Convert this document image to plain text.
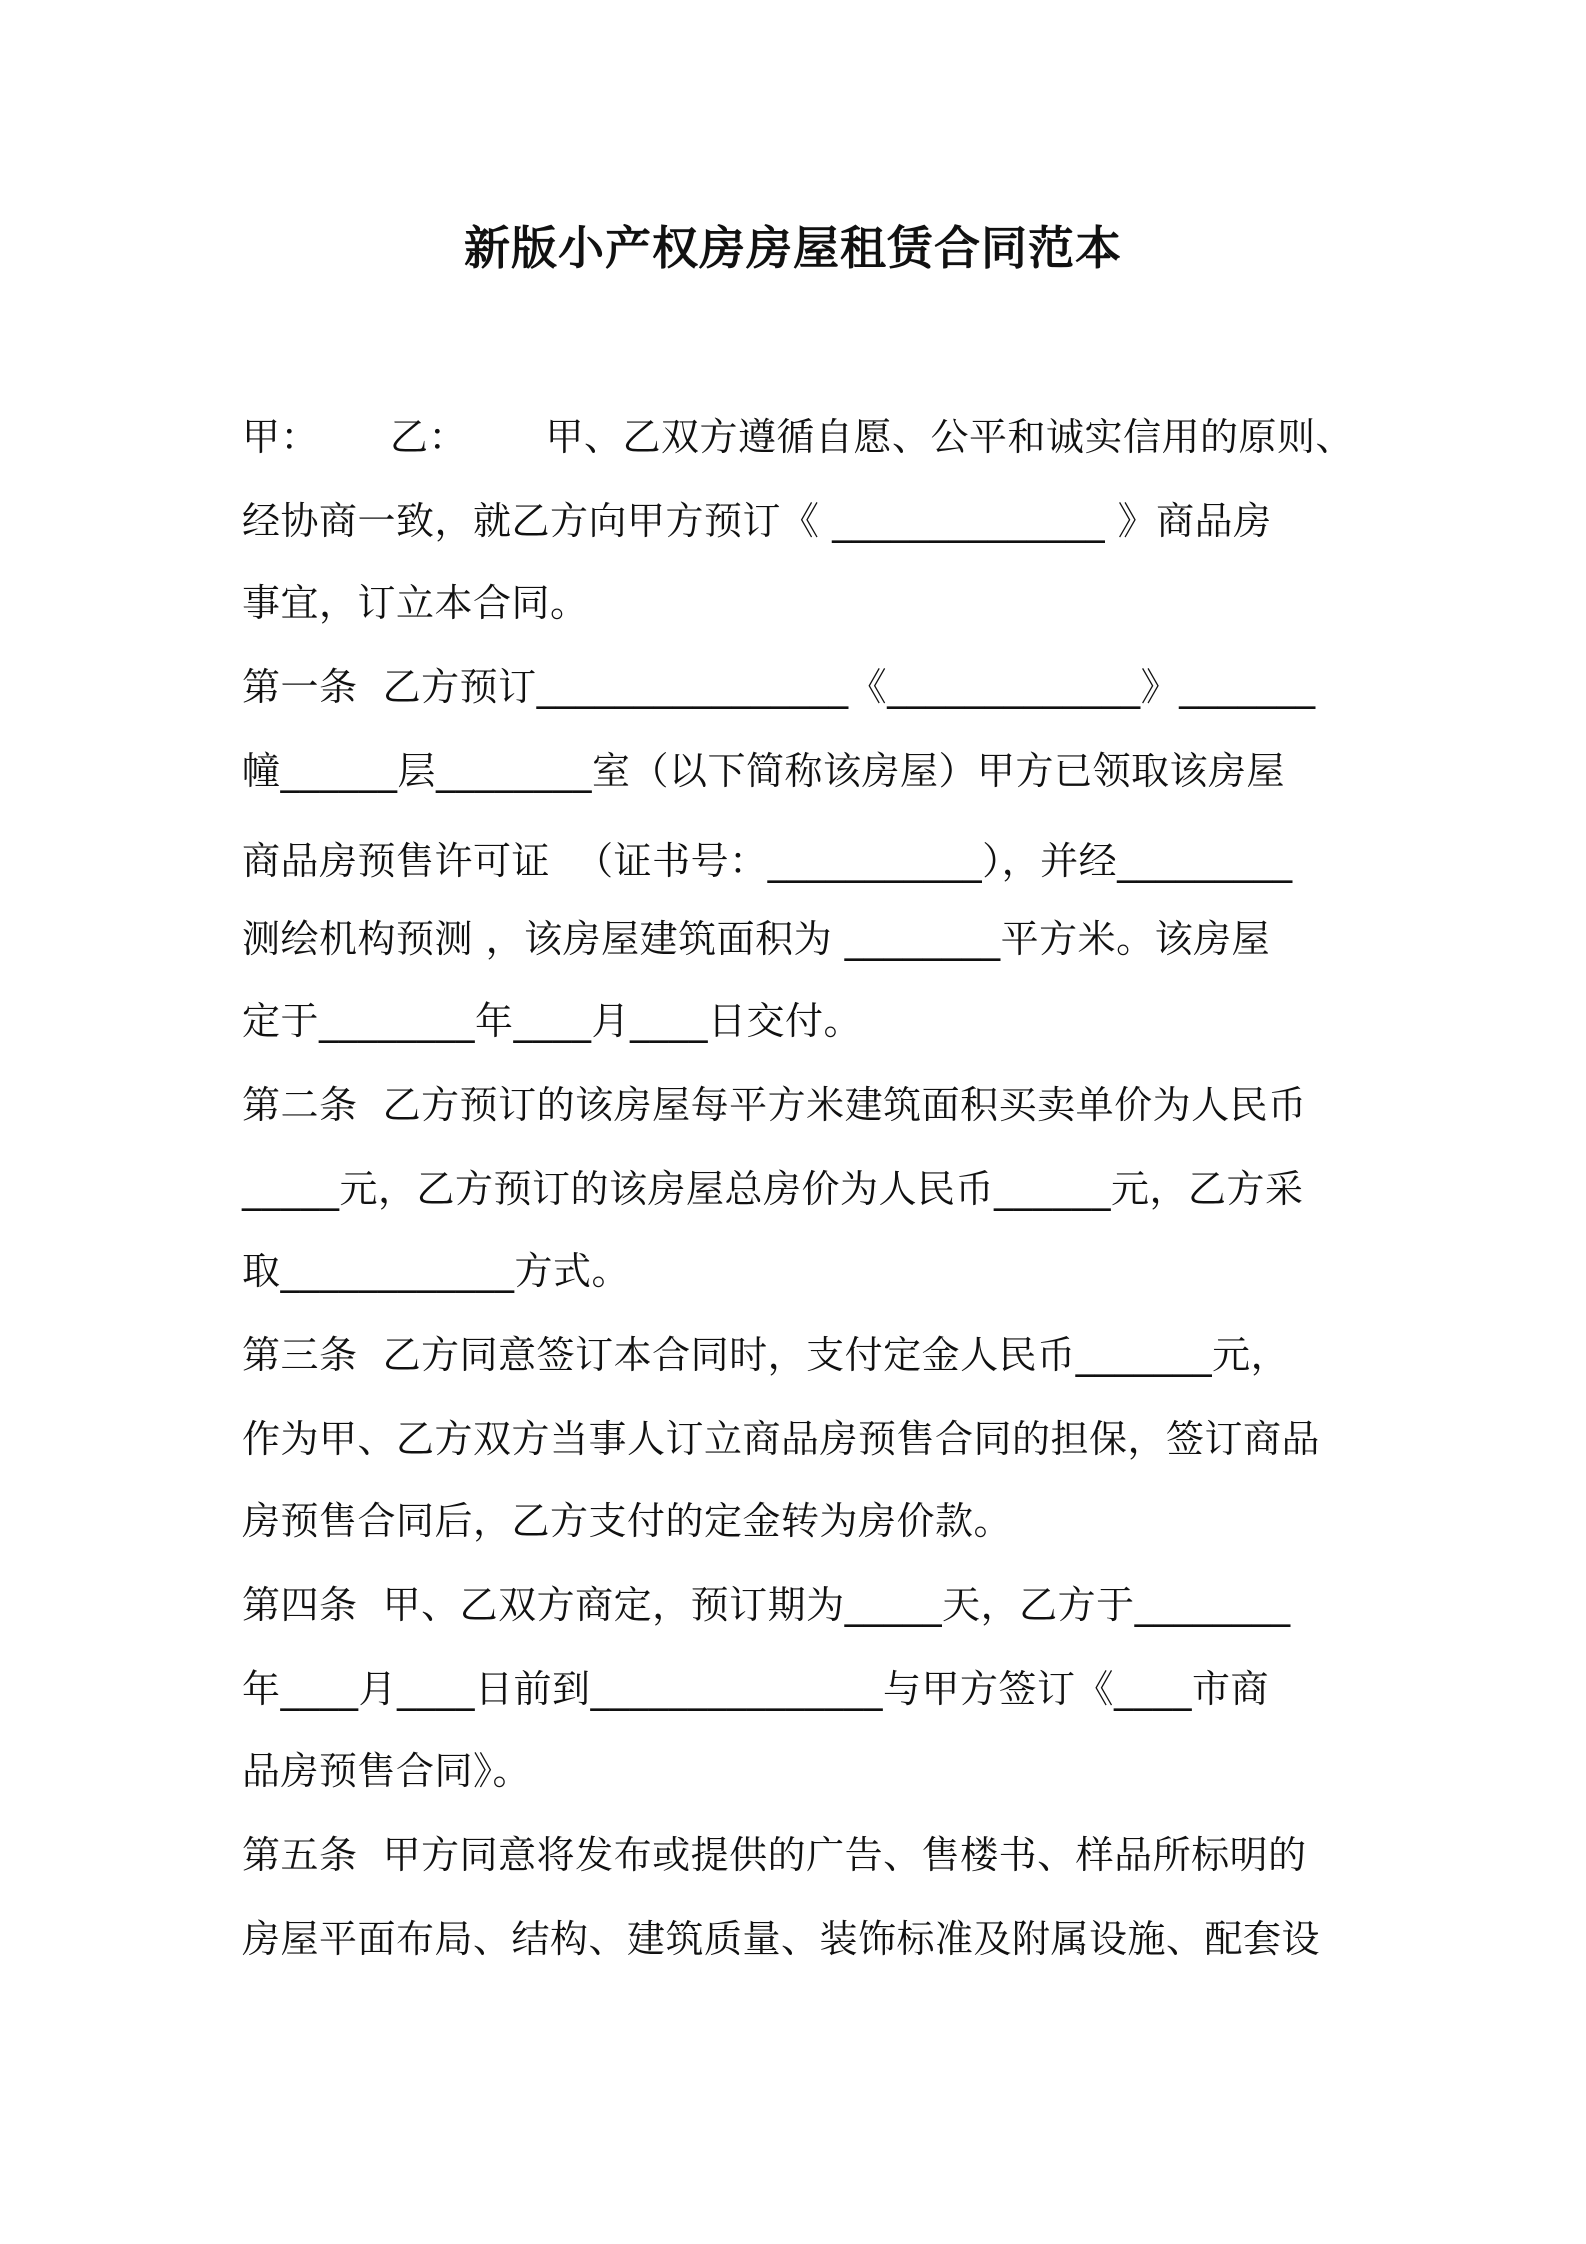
新版小产权房房屋租赁合同范本
甲： 乙： 甲、乙双方遵循自愿、公平和诚实信用的原则、
经协商一致，就乙方向甲方预订《 ______________ 》商品房
事宜，订立本合同。
第一条  乙方预订________________《_____________》_______
幢______层________室（以下简称该房屋）甲方已领取该房屋
商品房预售许可证  （证书号：___________），并经_________
测绘机构预测 ，该房屋建筑面积为 ________平方米。该房屋
定于________年____月____日交付。
第二条  乙方预订的该房屋每平方米建筑面积买卖单价为人民币
_____元，乙方预订的该房屋总房价为人民币______元，乙方采
取____________方式。
第三条  乙方同意签订本合同时，支付定金人民币_______元，
作为甲、乙方双方当事人订立商品房预售合同的担保，签订商品
房预售合同后，乙方支付的定金转为房价款。
第四条  甲、乙双方商定，预订期为_____天，乙方于________
年____月____日前到_______________与甲方签订《____市商
品房预售合同》。
第五条  甲方同意将发布或提供的广告、售楼书、样品所标明的
房屋平面布局、结构、建筑质量、装饰标准及附属设施、配套设
